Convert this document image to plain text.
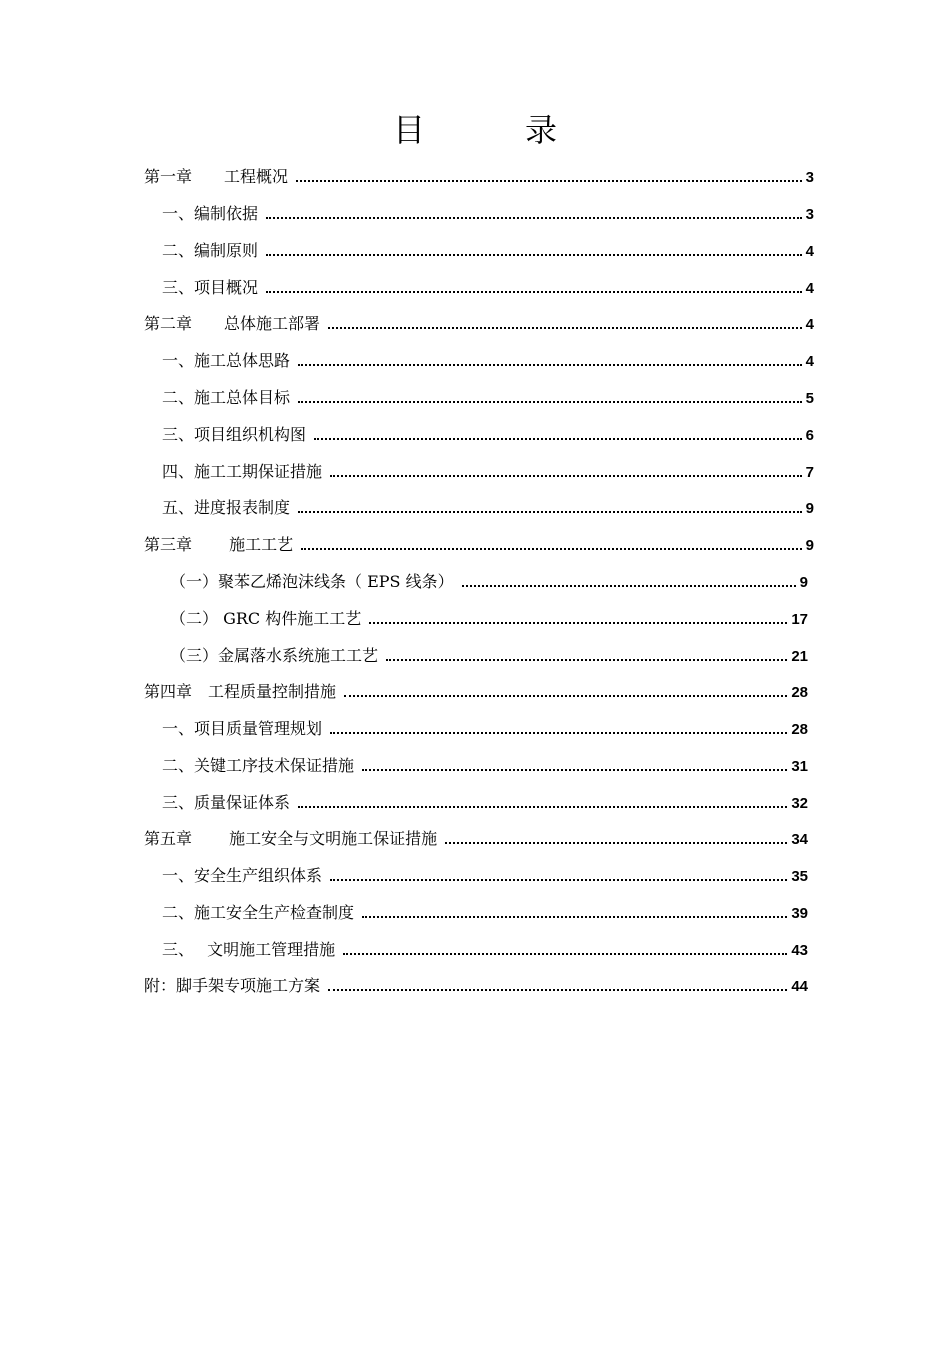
目　录
第一章　　工程概况	3
一、编制依据	3
二、编制原则	4
三、项目概况	4
第二章　　总体施工部署	4
一、施工总体思路	4
二、施工总体目标	5
三、项目组织机构图	6
四、施工工期保证措施	7
五、进度报表制度	9
第三章　　 施工工艺	9
（一）聚苯乙烯泡沫线条（ EPS 线条）	9
（二） GRC 构件施工工艺	17
（三）金属落水系统施工工艺	21
第四章　工程质量控制措施	28
一、项目质量管理规划	28
二、关键工序技术保证措施	31
三、质量保证体系	32
第五章　　 施工安全与文明施工保证措施	34
一、安全生产组织体系	35
二、施工安全生产检查制度	39
三、　 文明施工管理措施	43
附：脚手架专项施工方案	44
